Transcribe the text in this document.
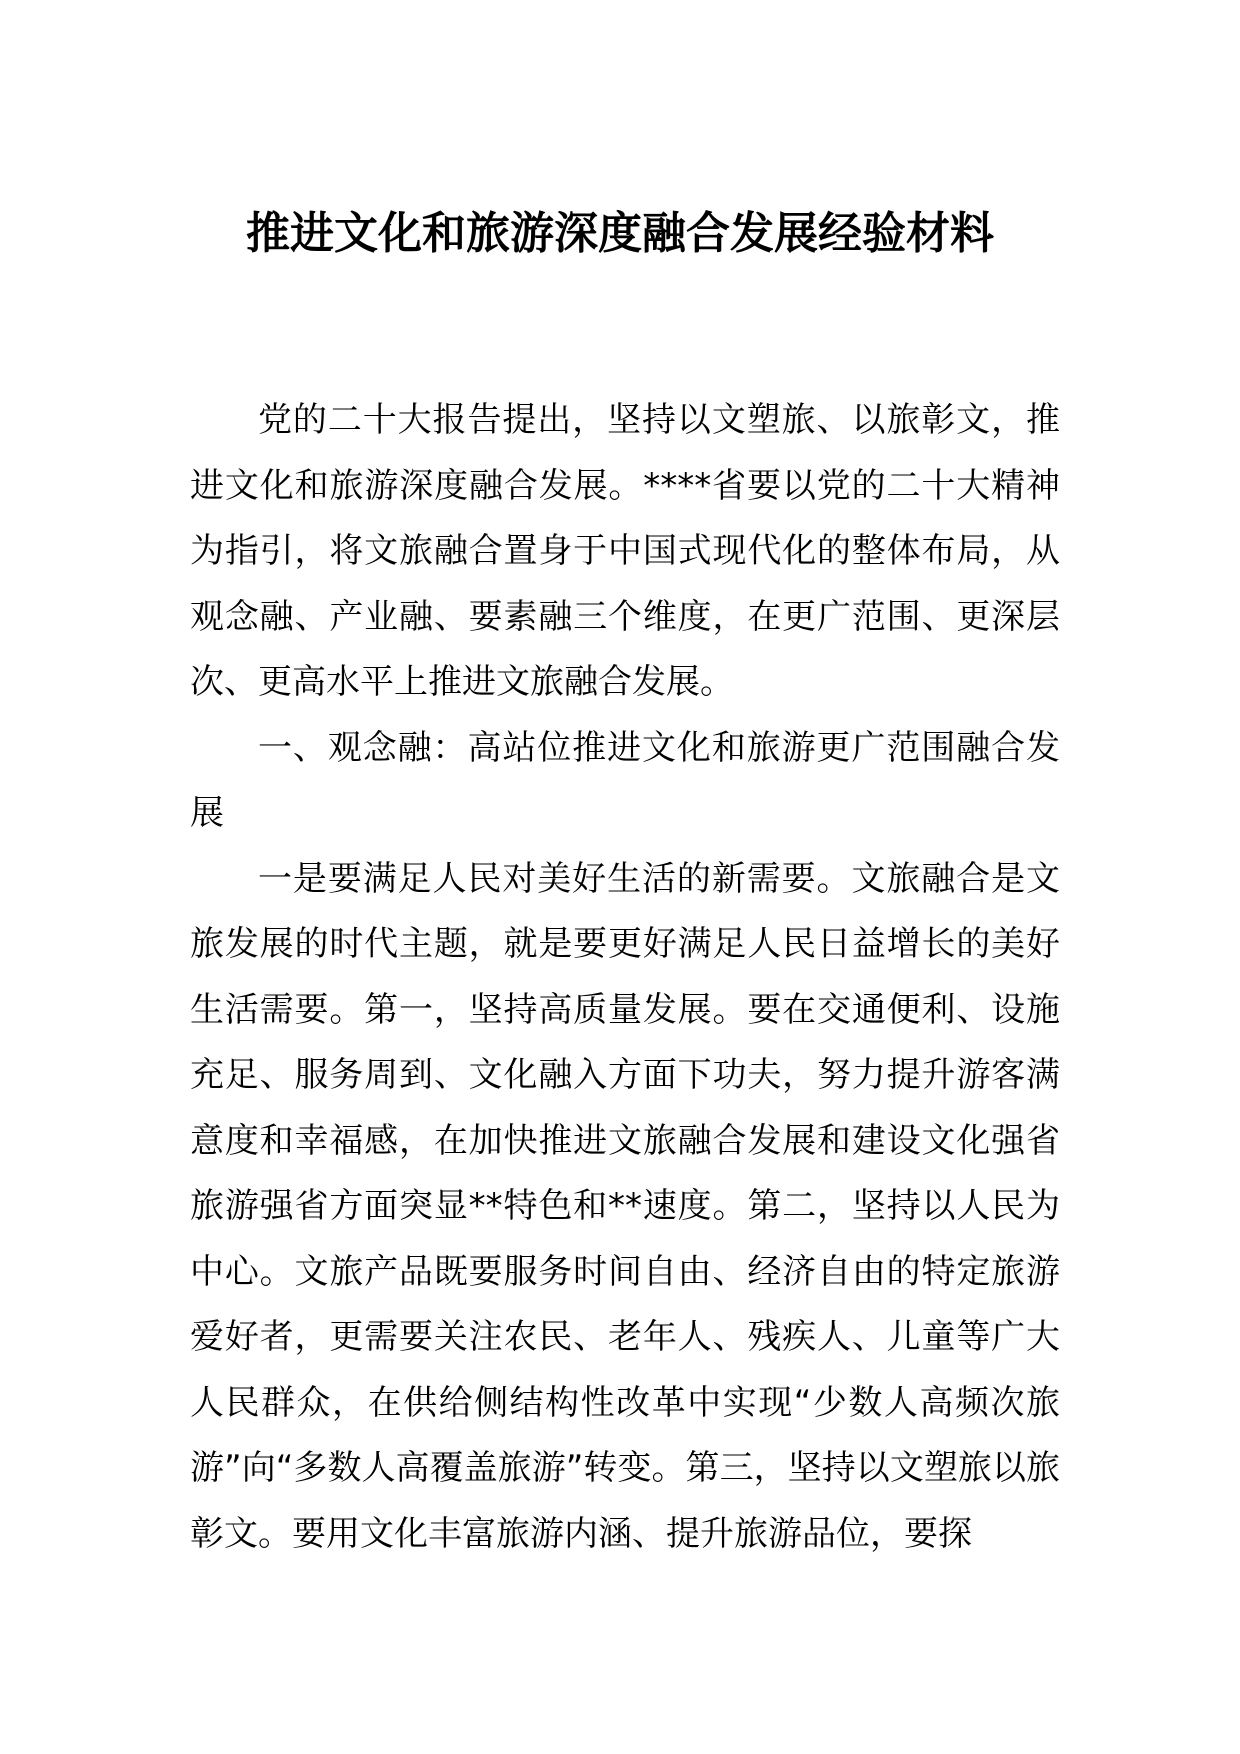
推进文化和旅游深度融合发展经验材料

党的二十大报告提出，坚持以文塑旅、以旅彰文，推进文化和旅游深度融合发展。****省要以党的二十大精神为指引，将文旅融合置身于中国式现代化的整体布局，从观念融、产业融、要素融三个维度，在更广范围、更深层次、更高水平上推进文旅融合发展。

一、观念融：高站位推进文化和旅游更广范围融合发展

一是要满足人民对美好生活的新需要。文旅融合是文旅发展的时代主题，就是要更好满足人民日益增长的美好生活需要。第一，坚持高质量发展。要在交通便利、设施充足、服务周到、文化融入方面下功夫，努力提升游客满意度和幸福感，在加快推进文旅融合发展和建设文化强省旅游强省方面突显**特色和**速度。第二，坚持以人民为中心。文旅产品既要服务时间自由、经济自由的特定旅游爱好者，更需要关注农民、老年人、残疾人、儿童等广大人民群众，在供给侧结构性改革中实现“少数人高频次旅游”向“多数人高覆盖旅游”转变。第三，坚持以文塑旅以旅彰文。要用文化丰富旅游内涵、提升旅游品位，要探
